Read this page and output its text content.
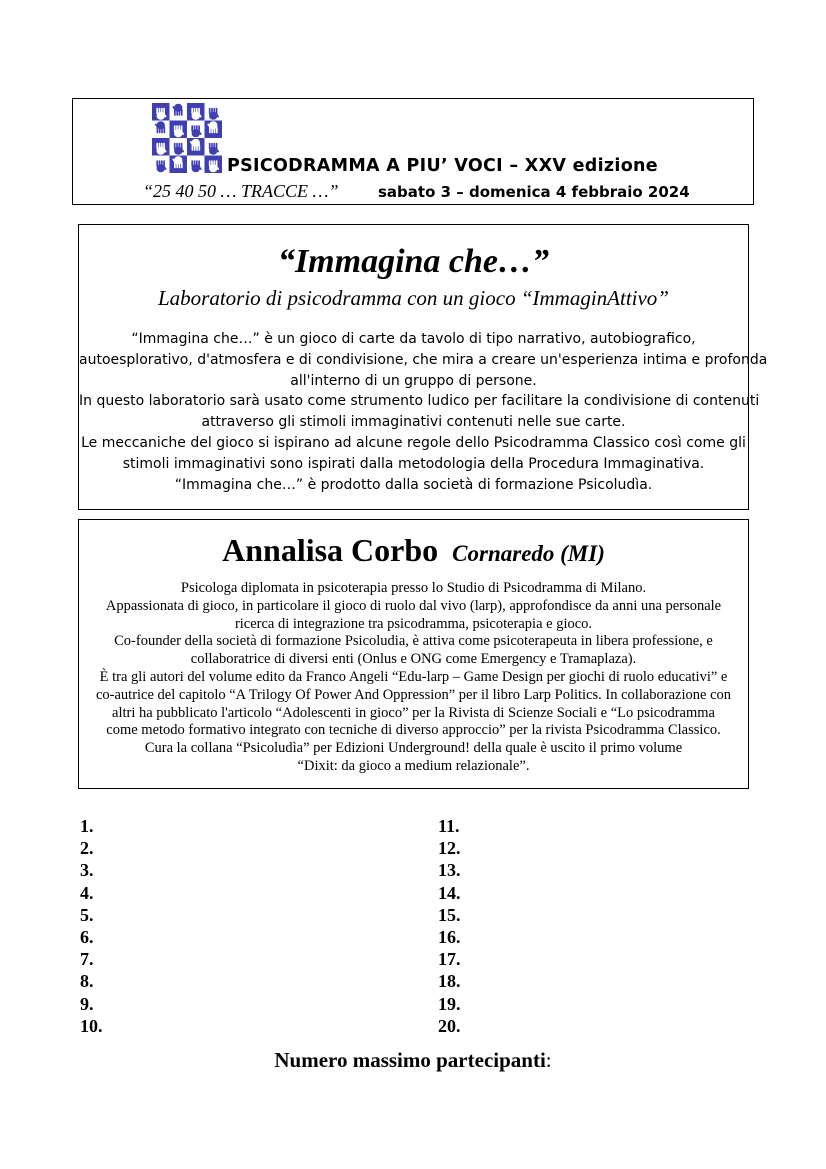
PSICODRAMMA A PIU’ VOCI – XXV edizione
“25 40 50 … TRACCE …”	sabato 3 – domenica 4 febbraio 2024
“Immagina che…”
Laboratorio di psicodramma con un gioco “ImmaginAttivo”
“Immagina che…” è un gioco di carte da tavolo di tipo narrativo, autobiografico,
autoesplorativo, d'atmosfera e di condivisione, che mira a creare un'esperienza intima e profonda
all'interno di un gruppo di persone.
In questo laboratorio sarà usato come strumento ludico per facilitare la condivisione di contenuti
attraverso gli stimoli immaginativi contenuti nelle sue carte.
Le meccaniche del gioco si ispirano ad alcune regole dello Psicodramma Classico così come gli
stimoli immaginativi sono ispirati dalla metodologia della Procedura Immaginativa.
“Immagina che…” è prodotto dalla società di formazione Psicoludìa.
Annalisa Corbo Cornaredo (MI)
Psicologa diplomata in psicoterapia presso lo Studio di Psicodramma di Milano.
Appassionata di gioco, in particolare il gioco di ruolo dal vivo (larp), approfondisce da anni una personale
ricerca di integrazione tra psicodramma, psicoterapia e gioco.
Co-founder della società di formazione Psicoludia, è attiva come psicoterapeuta in libera professione, e
collaboratrice di diversi enti (Onlus e ONG come Emergency e Tramaplaza).
È tra gli autori del volume edito da Franco Angeli “Edu-larp – Game Design per giochi di ruolo educativi” e
co-autrice del capitolo “A Trilogy Of Power And Oppression” per il libro Larp Politics. In collaborazione con
altri ha pubblicato l'articolo “Adolescenti in gioco” per la Rivista di Scienze Sociali e “Lo psicodramma
come metodo formativo integrato con tecniche di diverso approccio” per la rivista Psicodramma Classico.
Cura la collana “Psicoludìa” per Edizioni Underground! della quale è uscito il primo volume
“Dixit: da gioco a medium relazionale”.
1.
2.
3.
4.
5.
6.
7.
8.
9.
10.
11.
12.
13.
14.
15.
16.
17.
18.
19.
20.
Numero massimo partecipanti:
